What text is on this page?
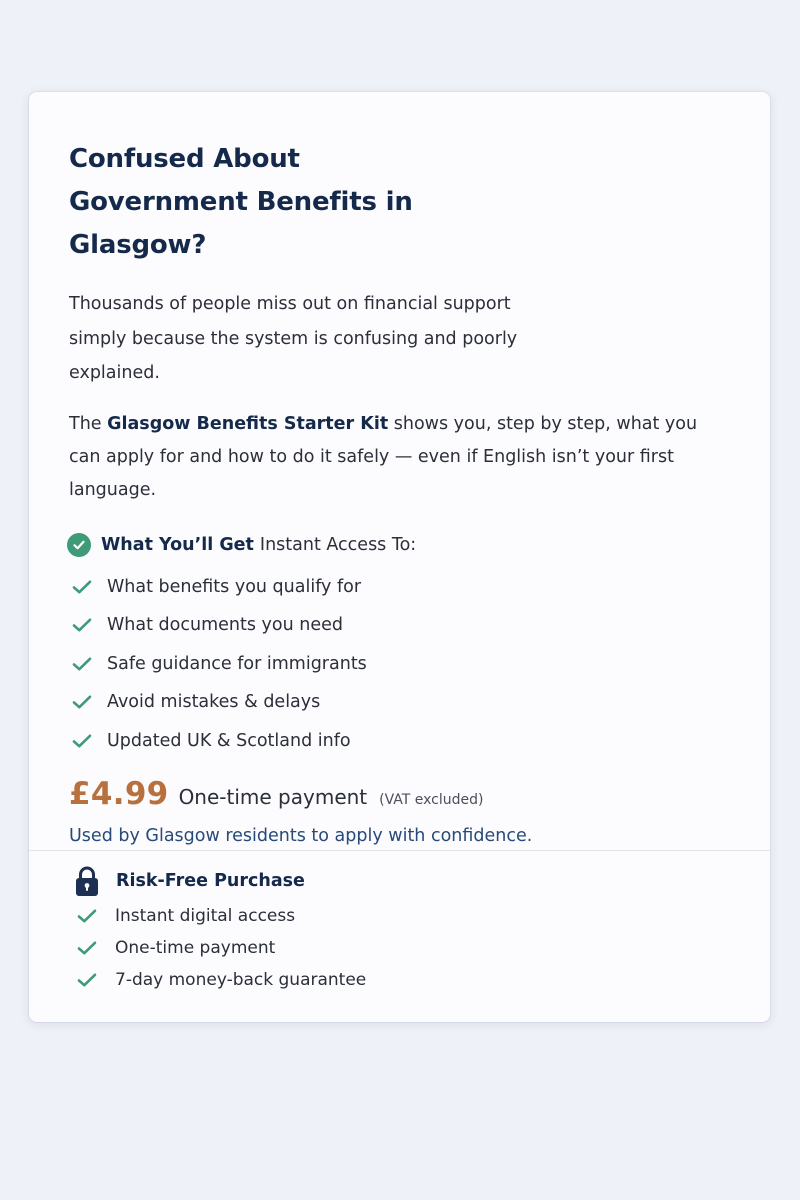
Confused About Government Benefits in Glasgow?

Thousands of people miss out on financial support simply because the system is confusing and poorly explained.

The Glasgow Benefits Starter Kit shows you, step by step, what you can apply for and how to do it safely — even if English isn’t your first language.

What You’ll Get Instant Access To:
What benefits you qualify for
What documents you need
Safe guidance for immigrants
Avoid mistakes & delays
Updated UK & Scotland info
£4.99 One-time payment (VAT excluded)

Used by Glasgow residents to apply with confidence.

Risk-Free Purchase
Instant digital access
One-time payment
7-day money-back guarantee
